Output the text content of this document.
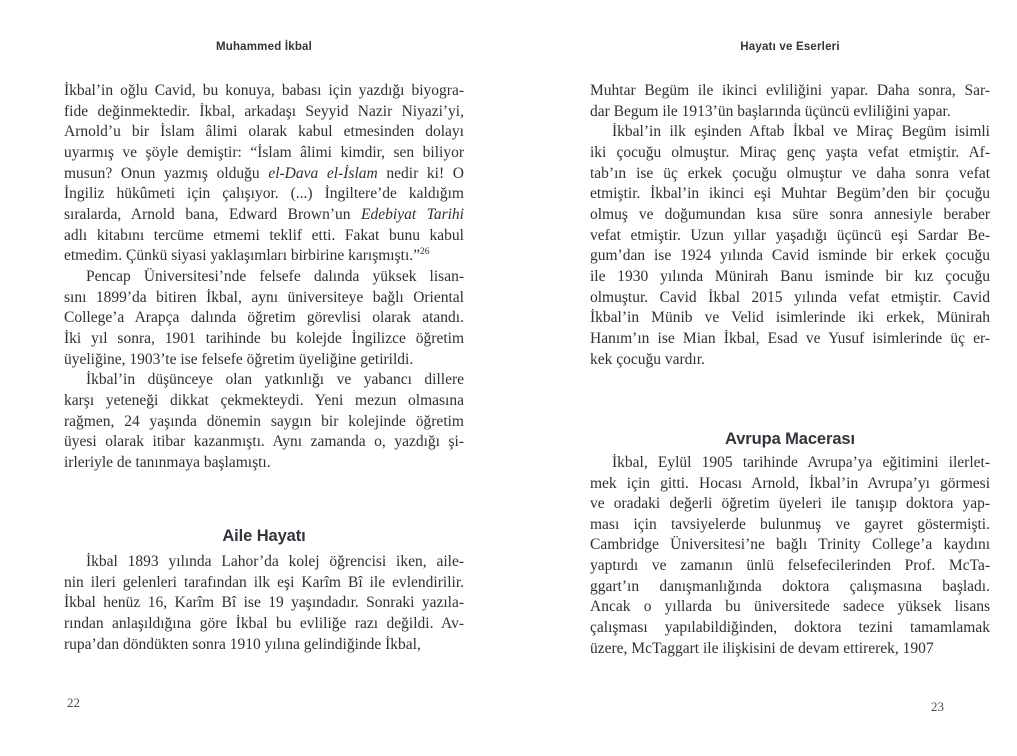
Muhammed İkbal
İkbal’in oğlu Cavid, bu konuya, babası için yazdığı biyogra-
fide değinmektedir. İkbal, arkadaşı Seyyid Nazir Niyazi’yi,
Arnold’u bir İslam âlimi olarak kabul etmesinden dolayı
uyarmış ve şöyle demiştir: “İslam âlimi kimdir, sen biliyor
musun? Onun yazmış olduğu el-Dava el-İslam nedir ki! O
İngiliz hükûmeti için çalışıyor. (...) İngiltere’de kaldığım
sıralarda, Arnold bana, Edward Brown’un Edebiyat Tarihi
adlı kitabını tercüme etmemi teklif etti. Fakat bunu kabul
etmedim. Çünkü siyasi yaklaşımları birbirine karışmıştı.”$^{26}$
Pencap Üniversitesi’nde felsefe dalında yüksek lisan-
sını 1899’da bitiren İkbal, aynı üniversiteye bağlı Oriental
College’a Arapça dalında öğretim görevlisi olarak atandı.
İki yıl sonra, 1901 tarihinde bu kolejde İngilizce öğretim
üyeliğine, 1903’te ise felsefe öğretim üyeliğine getirildi.
İkbal’in düşünceye olan yatkınlığı ve yabancı dillere
karşı yeteneği dikkat çekmekteydi. Yeni mezun olmasına
rağmen, 24 yaşında dönemin saygın bir kolejinde öğretim
üyesi olarak itibar kazanmıştı. Aynı zamanda o, yazdığı şi-
irleriyle de tanınmaya başlamıştı.
Aile Hayatı
İkbal 1893 yılında Lahor’da kolej öğrencisi iken, aile-
nin ileri gelenleri tarafından ilk eşi Karîm Bî ile evlendirilir.
İkbal henüz 16, Karîm Bî ise 19 yaşındadır. Sonraki yazıla-
rından anlaşıldığına göre İkbal bu evliliğe razı değildi. Av-
rupa’dan döndükten sonra 1910 yılına gelindiğinde İkbal,
22
Hayatı ve Eserleri
Muhtar Begüm ile ikinci evliliğini yapar. Daha sonra, Sar-
dar Begum ile 1913’ün başlarında üçüncü evliliğini yapar.
İkbal’in ilk eşinden Aftab İkbal ve Miraç Begüm isimli
iki çocuğu olmuştur. Miraç genç yaşta vefat etmiştir. Af-
tab’ın ise üç erkek çocuğu olmuştur ve daha sonra vefat
etmiştir. İkbal’in ikinci eşi Muhtar Begüm’den bir çocuğu
olmuş ve doğumundan kısa süre sonra annesiyle beraber
vefat etmiştir. Uzun yıllar yaşadığı üçüncü eşi Sardar Be-
gum’dan ise 1924 yılında Cavid isminde bir erkek çocuğu
ile 1930 yılında Münirah Banu isminde bir kız çocuğu
olmuştur. Cavid İkbal 2015 yılında vefat etmiştir. Cavid
İkbal’in Münib ve Velid isimlerinde iki erkek, Münirah
Hanım’ın ise Mian İkbal, Esad ve Yusuf isimlerinde üç er-
kek çocuğu vardır.
Avrupa Macerası
İkbal, Eylül 1905 tarihinde Avrupa’ya eğitimini ilerlet-
mek için gitti. Hocası Arnold, İkbal’in Avrupa’yı görmesi
ve oradaki değerli öğretim üyeleri ile tanışıp doktora yap-
ması için tavsiyelerde bulunmuş ve gayret göstermişti.
Cambridge Üniversitesi’ne bağlı Trinity College’a kaydını
yaptırdı ve zamanın ünlü felsefecilerinden Prof. McTa-
ggart’ın danışmanlığında doktora çalışmasına başladı.
Ancak o yıllarda bu üniversitede sadece yüksek lisans
çalışması yapılabildiğinden, doktora tezini tamamlamak
üzere, McTaggart ile ilişkisini de devam ettirerek, 1907
23
